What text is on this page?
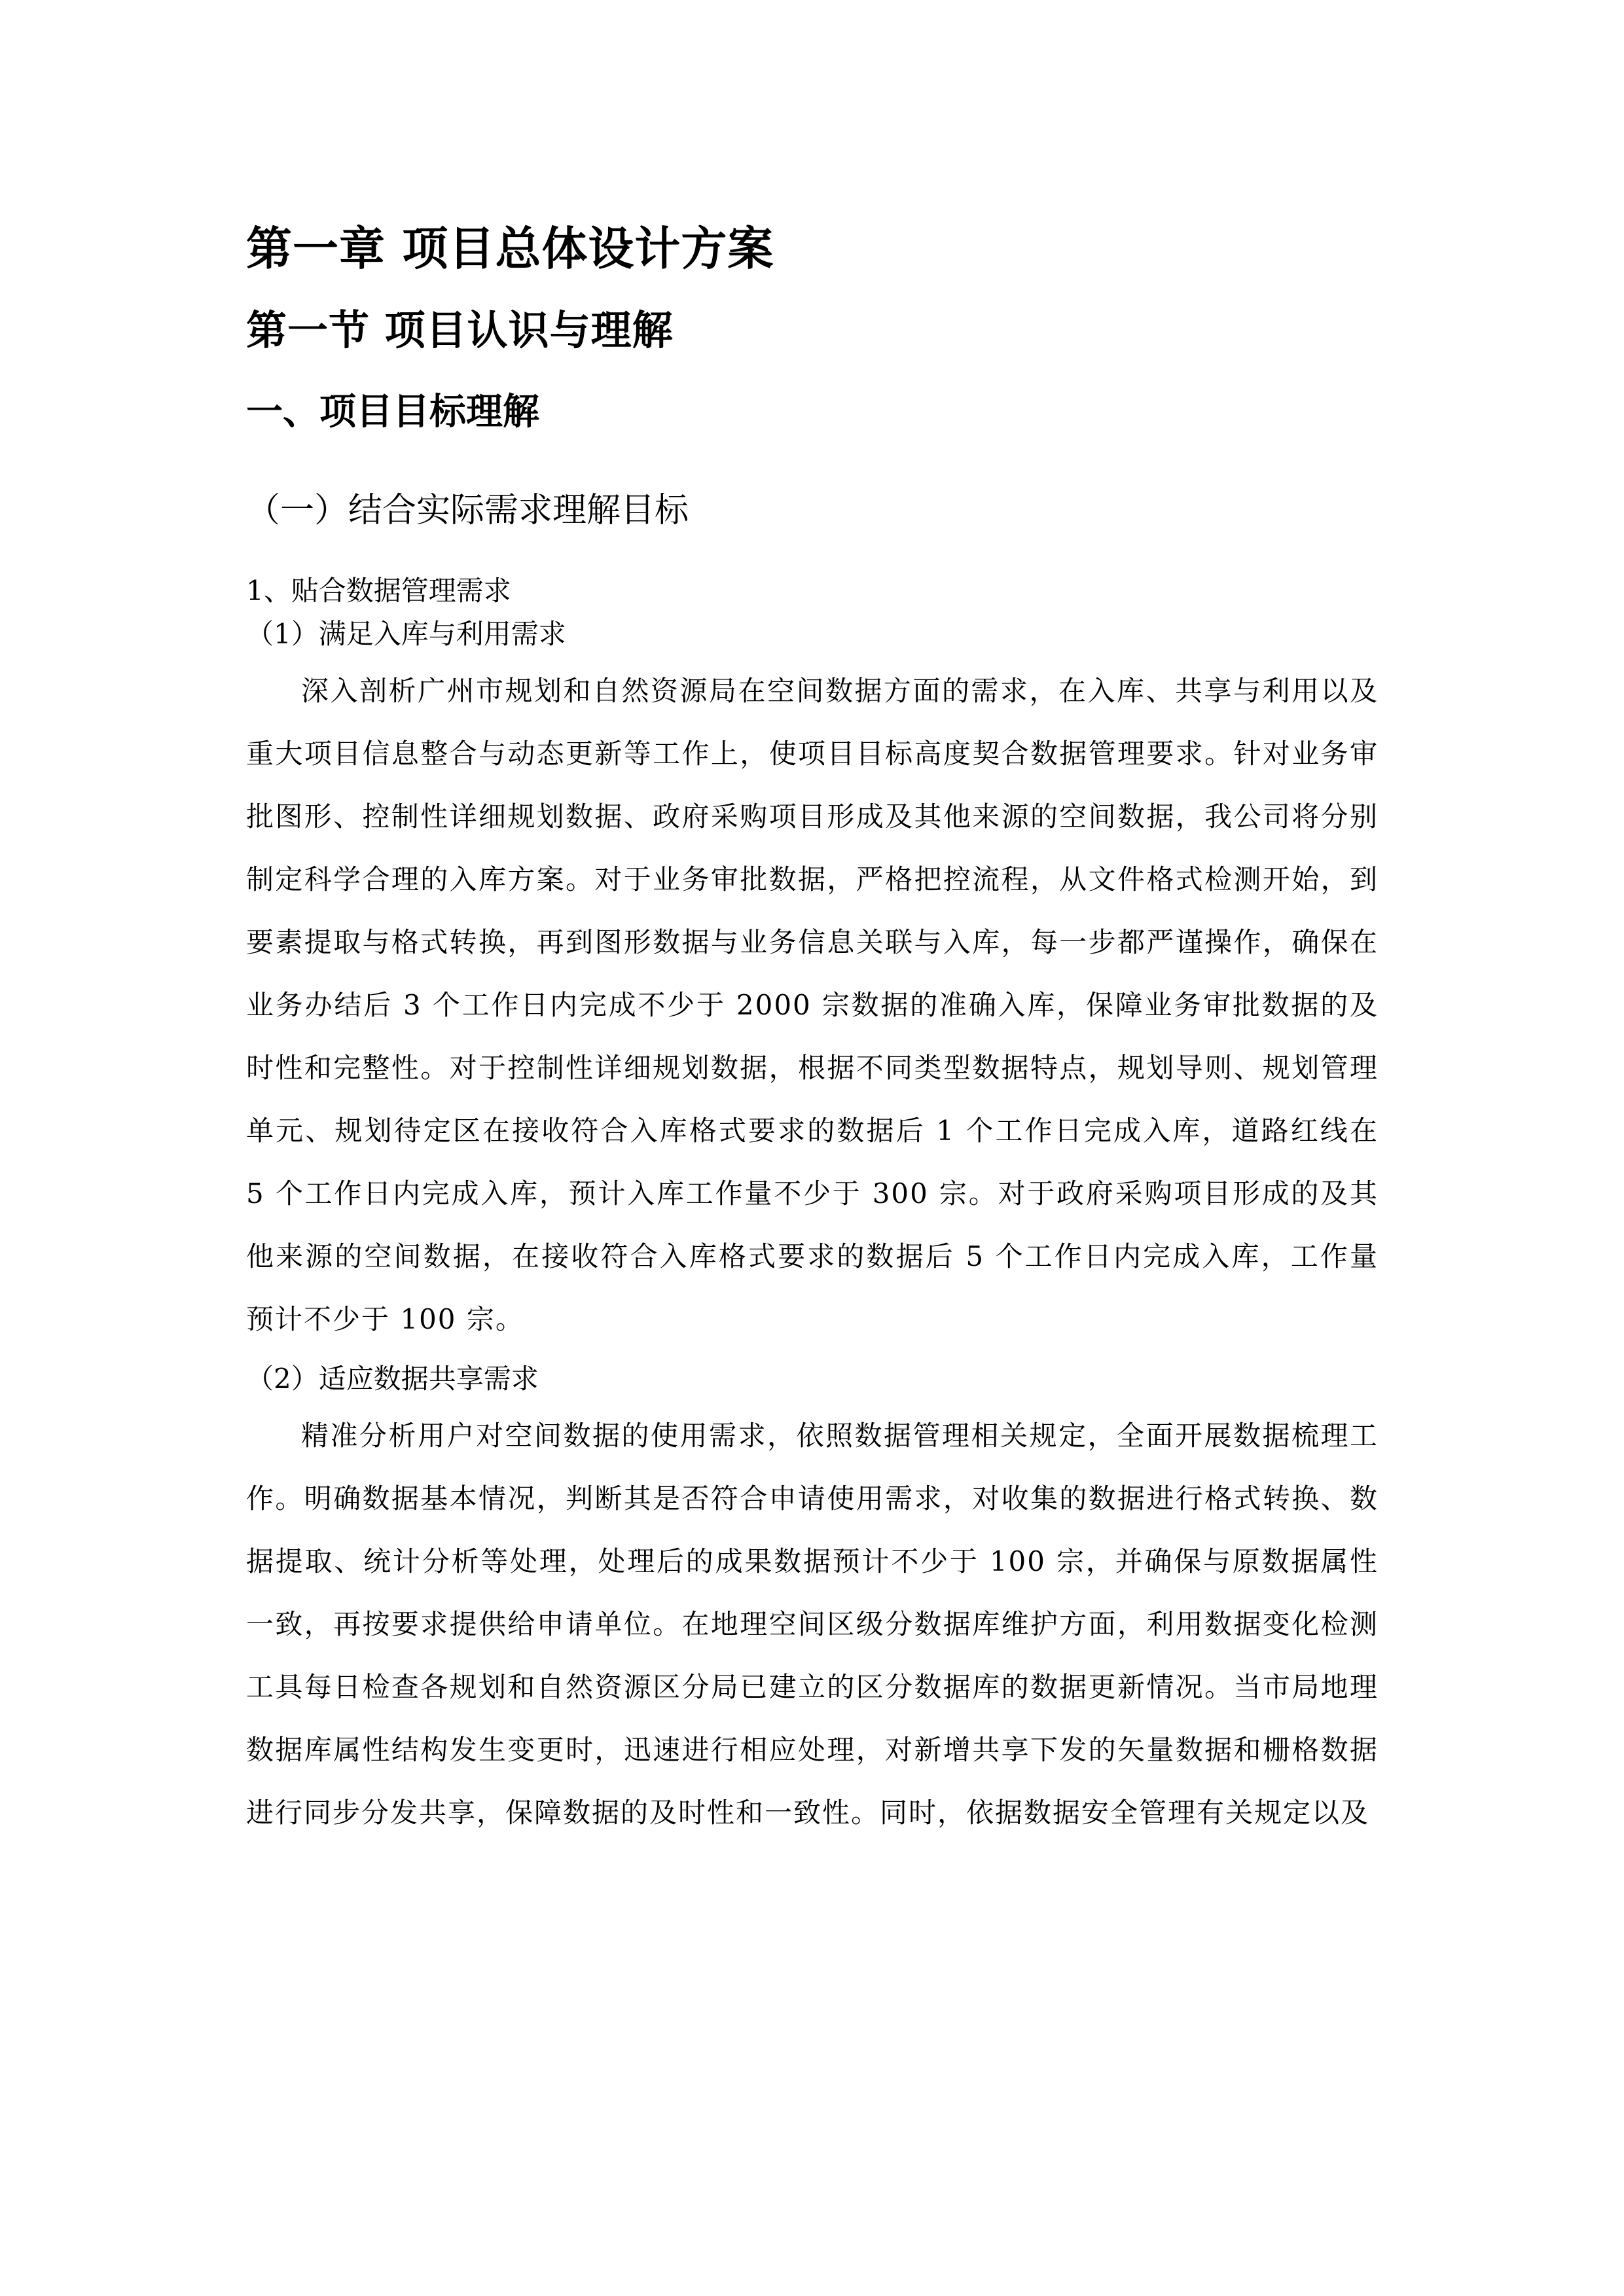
第一章 项目总体设计方案
第一节 项目认识与理解
一、项目目标理解
（一）结合实际需求理解目标
1、贴合数据管理需求
（1）满足入库与利用需求

深入剖析广州市规划和自然资源局在空间数据方面的需求，在入库、共享与利用以及重大项目信息整合与动态更新等工作上，使项目目标高度契合数据管理要求。针对业务审批图形、控制性详细规划数据、政府采购项目形成及其他来源的空间数据，我公司将分别制定科学合理的入库方案。对于业务审批数据，严格把控流程，从文件格式检测开始，到要素提取与格式转换，再到图形数据与业务信息关联与入库，每一步都严谨操作，确保在业务办结后 3 个工作日内完成不少于 2000 宗数据的准确入库，保障业务审批数据的及时性和完整性。对于控制性详细规划数据，根据不同类型数据特点，规划导则、规划管理单元、规划待定区在接收符合入库格式要求的数据后 1 个工作日完成入库，道路红线在 5 个工作日内完成入库，预计入库工作量不少于 300 宗。对于政府采购项目形成的及其他来源的空间数据，在接收符合入库格式要求的数据后 5 个工作日内完成入库，工作量预计不少于 100 宗。

（2）适应数据共享需求

精准分析用户对空间数据的使用需求，依照数据管理相关规定，全面开展数据梳理工作。明确数据基本情况，判断其是否符合申请使用需求，对收集的数据进行格式转换、数据提取、统计分析等处理，处理后的成果数据预计不少于 100 宗，并确保与原数据属性一致，再按要求提供给申请单位。在地理空间区级分数据库维护方面，利用数据变化检测工具每日检查各规划和自然资源区分局已建立的区分数据库的数据更新情况。当市局地理数据库属性结构发生变更时，迅速进行相应处理，对新增共享下发的矢量数据和栅格数据进行同步分发共享，保障数据的及时性和一致性。同时，依据数据安全管理有关规定以及
